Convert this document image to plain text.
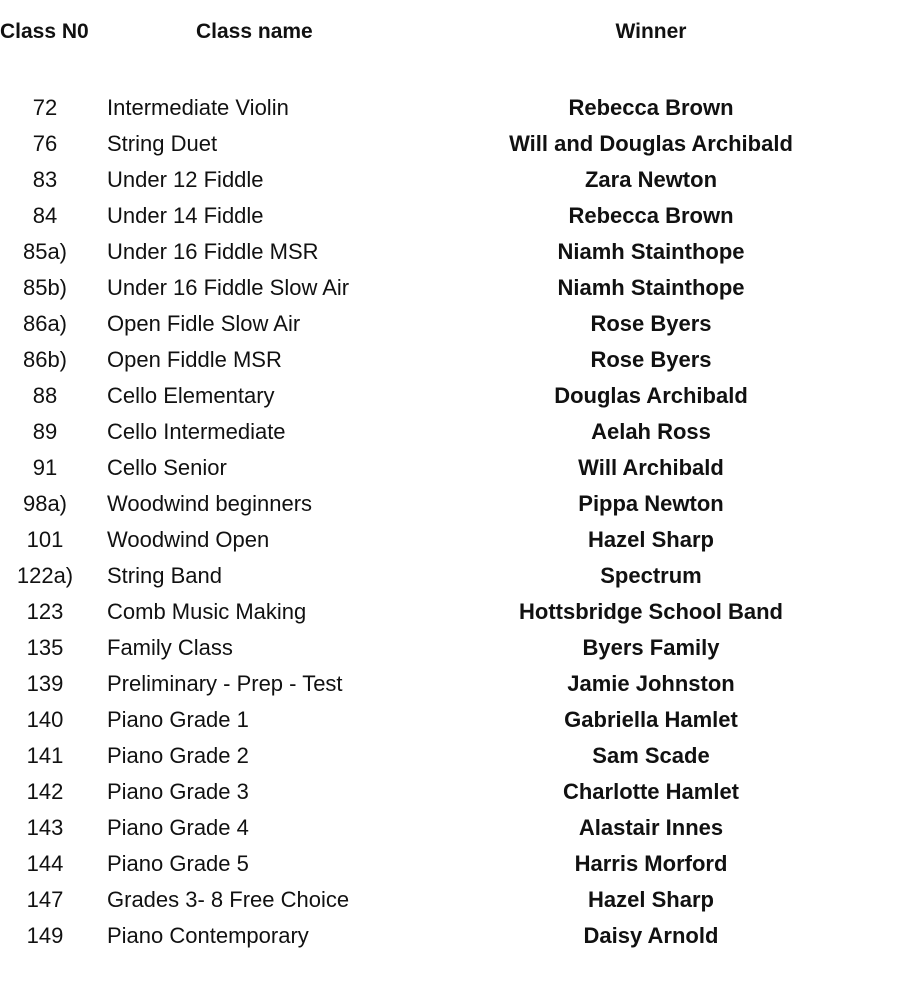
Class N0	Class name	Winner
72	Intermediate Violin	Rebecca Brown
76	String Duet	Will and Douglas Archibald
83	Under 12 Fiddle	Zara Newton
84	Under 14 Fiddle	Rebecca Brown
85a)	Under 16 Fiddle MSR	Niamh Stainthope
85b)	Under 16 Fiddle Slow Air	Niamh Stainthope
86a)	Open Fidle Slow Air	Rose Byers
86b)	Open Fiddle MSR	Rose Byers
88	Cello Elementary	Douglas Archibald
89	Cello Intermediate	Aelah Ross
91	Cello Senior	Will Archibald
98a)	Woodwind beginners	Pippa Newton
101	Woodwind Open	Hazel Sharp
122a)	String Band	Spectrum
123	Comb Music Making	Hottsbridge School Band
135	Family Class	Byers Family
139	Preliminary - Prep - Test	Jamie Johnston
140	Piano Grade 1	Gabriella Hamlet
141	Piano Grade 2	Sam Scade
142	Piano Grade 3	Charlotte Hamlet
143	Piano Grade 4	Alastair Innes
144	Piano Grade 5	Harris Morford
147	Grades 3- 8 Free Choice	Hazel Sharp
149	Piano Contemporary	Daisy Arnold
